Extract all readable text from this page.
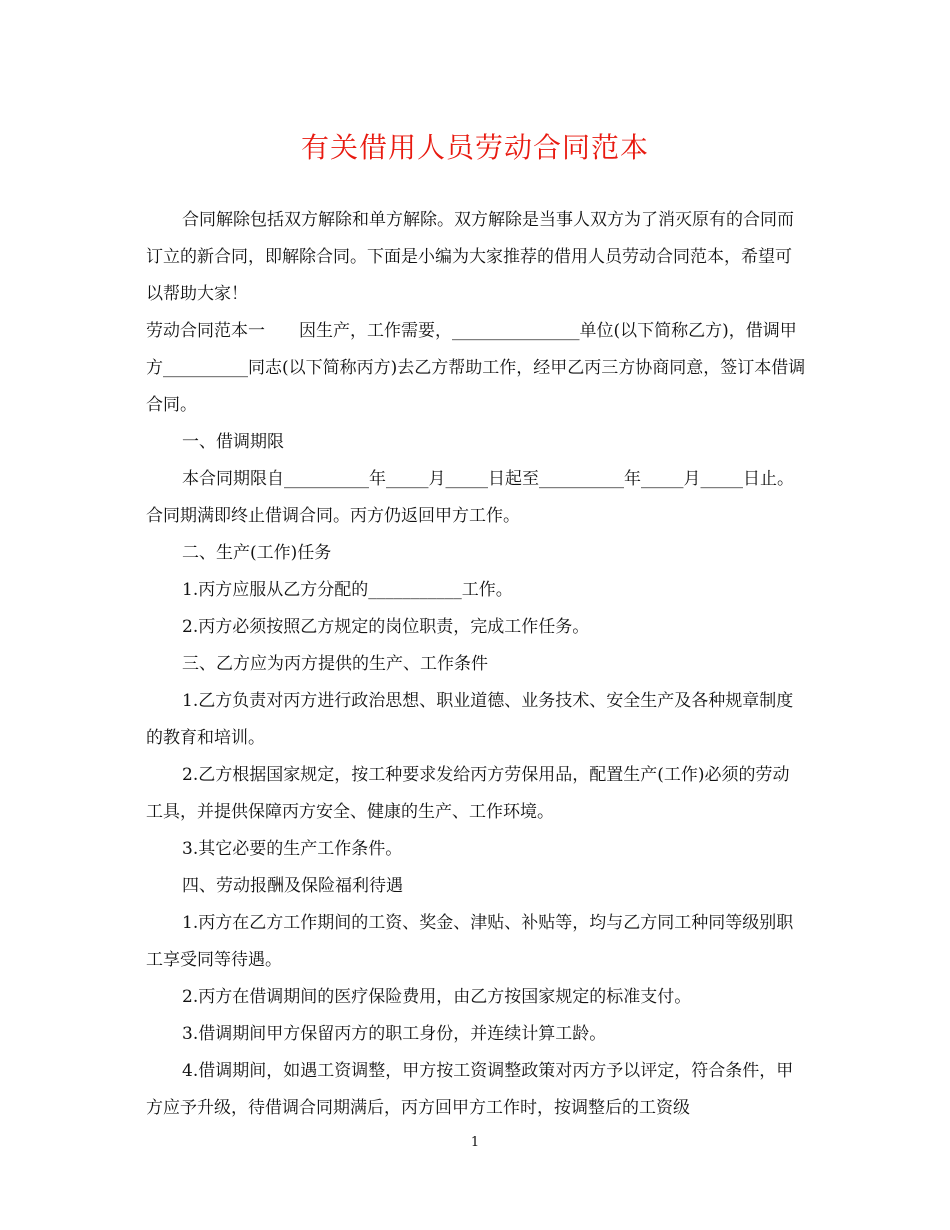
有关借用人员劳动合同范本

合同解除包括双方解除和单方解除。双方解除是当事人双方为了消灭原有的合同而订立的新合同，即解除合同。下面是小编为大家推荐的借用人员劳动合同范本，希望可以帮助大家！

劳动合同范本一　　因生产，工作需要，_______________单位(以下简称乙方)，借调甲方__________同志(以下简称丙方)去乙方帮助工作，经甲乙丙三方协商同意，签订本借调合同。

一、借调期限

本合同期限自__________年_____月_____日起至__________年_____月_____日止。合同期满即终止借调合同。丙方仍返回甲方工作。

二、生产(工作)任务

1.丙方应服从乙方分配的___________工作。

2.丙方必须按照乙方规定的岗位职责，完成工作任务。

三、乙方应为丙方提供的生产、工作条件

1.乙方负责对丙方进行政治思想、职业道德、业务技术、安全生产及各种规章制度的教育和培训。

2.乙方根据国家规定，按工种要求发给丙方劳保用品，配置生产(工作)必须的劳动工具，并提供保障丙方安全、健康的生产、工作环境。

3.其它必要的生产工作条件。

四、劳动报酬及保险福利待遇

1.丙方在乙方工作期间的工资、奖金、津贴、补贴等，均与乙方同工种同等级别职工享受同等待遇。

2.丙方在借调期间的医疗保险费用，由乙方按国家规定的标准支付。

3.借调期间甲方保留丙方的职工身份，并连续计算工龄。

4.借调期间，如遇工资调整，甲方按工资调整政策对丙方予以评定，符合条件，甲方应予升级，待借调合同期满后，丙方回甲方工作时，按调整后的工资级

1
